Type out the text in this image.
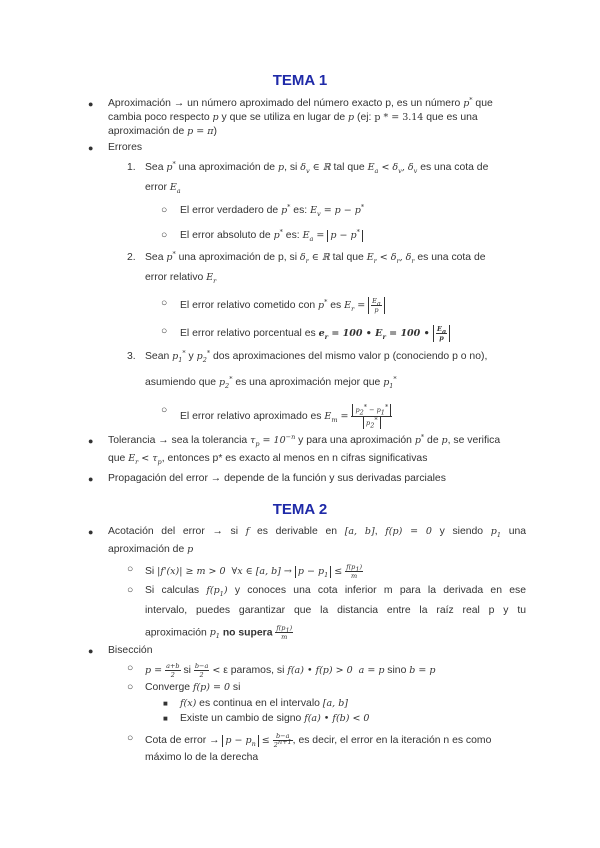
TEMA 1
● Aproximación → un número aproximado del número exacto p, es un número p* que
cambia poco respecto p y que se utiliza en lugar de p (ej: p * = 3.14 que es una
aproximación de p = π)
● Errores
1. Sea p* una aproximación de p, si $\delta_v$ ∈ ℝ tal que $E_a < \delta_v$, $\delta_v$ es una cota de
error $E_a$
○ El error verdadero de p* es: $E_v = p - p^*$
○ El error absoluto de p* es: $E_a = p - p^*$
2. Sea p* una aproximación de p, si $\delta_r$ ∈ ℝ tal que $E_r < \delta_r$, $\delta_r$ es una cota de
error relativo $E_r$
○ El error relativo cometido con p* es $E_r = \frac{E_a}{p}$
○ El error relativo porcentual es $e_r = 100$ • $E_r = 100$ • $\frac{E_a}{p}$
3. Sean $p_1^*$ y $p_2^*$ dos aproximaciones del mismo valor p (conociendo p o no),
asumiendo que $p_2^*$ es una aproximación mejor que $p_1^*$
○
El error relativo aproximado es $E_m = \frac{p_2^* - p_1^*}{p_2^*}$
● Tolerancia → sea la tolerancia $\tau_p = 10^{-n}$ y para una aproximación p* de p, se verifica
que $E_r < \tau_p$, entonces p* es exacto al menos en n cifras significativas
● Propagación del error → depende de la función y sus derivadas parciales
TEMA 2
● Acotación del error → si f es derivable en [a, b], f(p) = 0 y siendo $p_1$ una
aproximación de p
○ Si |f'(x)| ≥ m > 0  ∀x ∈ [a, $b] \to p - p_1 \le \frac{f(p_1)}{m}$
○ Si calculas $f(p_1)$ y conoces una cota inferior m para la derivada en ese
intervalo, puedes garantizar que la distancia entre la raíz real p y tu
aproximación $p_1$ no supera $\frac{f(p_1)}{m}$
● Bisección
○ $p = \frac{a+b}{2}$ si $\frac{b-a}{2} < \varepsilon$ paramos, si f(a) • f(p) > 0  a = p sino b = p
○ Converge f(p) = 0 si
■ f(x) es continua en el intervalo [a, b]
■ Existe un cambio de signo f(a) • f(b) < 0
○ Cota de error → $p - p_n \le \frac{b-a}{2^{n+1}}$ , es decir, el error en la iteración n es como
máximo lo de la derecha
